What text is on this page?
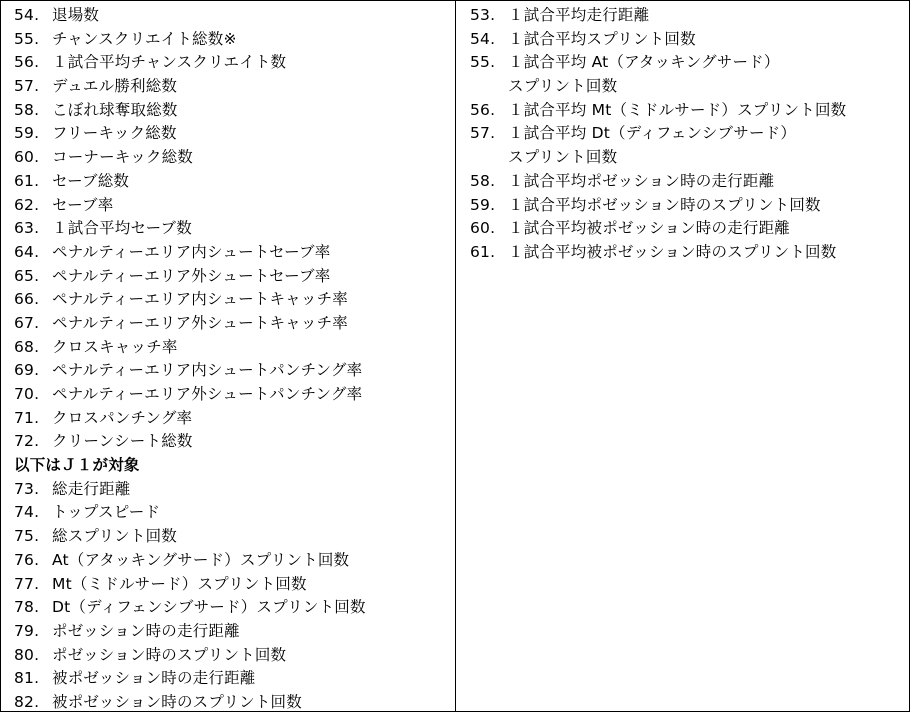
54. 退場数
55. チャンスクリエイト総数※
56. １試合平均チャンスクリエイト数
57. デュエル勝利総数
58. こぼれ球奪取総数
59. フリーキック総数
60. コーナーキック総数
61. セーブ総数
62. セーブ率
63. １試合平均セーブ数
64. ペナルティーエリア内シュートセーブ率
65. ペナルティーエリア外シュートセーブ率
66. ペナルティーエリア内シュートキャッチ率
67. ペナルティーエリア外シュートキャッチ率
68. クロスキャッチ率
69. ペナルティーエリア内シュートパンチング率
70. ペナルティーエリア外シュートパンチング率
71. クロスパンチング率
72. クリーンシート総数
以下はＪ１が対象
73. 総走行距離
74. トップスピード
75. 総スプリント回数
76. At（アタッキングサード）スプリント回数
77. Mt（ミドルサード）スプリント回数
78. Dt（ディフェンシブサード）スプリント回数
79. ポゼッション時の走行距離
80. ポゼッション時のスプリント回数
81. 被ポゼッション時の走行距離
82. 被ポゼッション時のスプリント回数
53. １試合平均走行距離
54. １試合平均スプリント回数
55. １試合平均 At（アタッキングサード）
スプリント回数
56. １試合平均 Mt（ミドルサード）スプリント回数
57. １試合平均 Dt（ディフェンシブサード）
スプリント回数
58. １試合平均ポゼッション時の走行距離
59. １試合平均ポゼッション時のスプリント回数
60. １試合平均被ポゼッション時の走行距離
61. １試合平均被ポゼッション時のスプリント回数
